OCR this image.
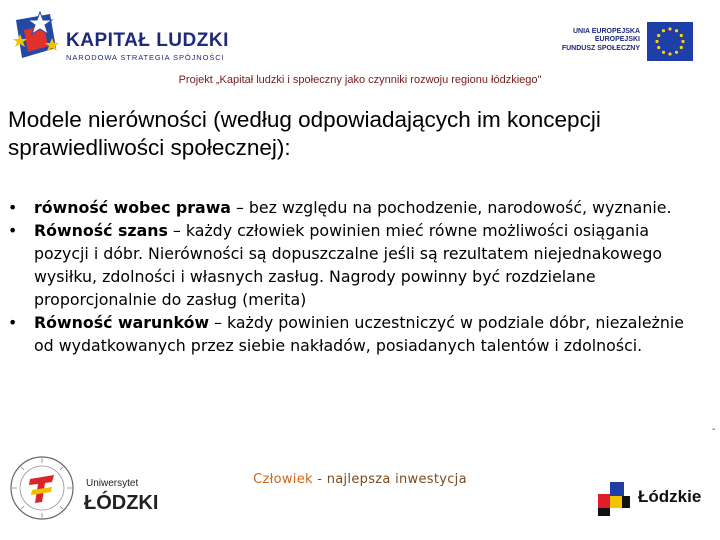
KAPITAŁ LUDZKI
NARODOWA STRATEGIA SPÓJNOŚCI
UNIA EUROPEJSKA
EUROPEJSKI
FUNDUSZ SPOŁECZNY
Projekt „Kapitał ludzki i społeczny jako czynniki rozwoju regionu łódzkiego"
Modele nierówności (według odpowiadających im koncepcji sprawiedliwości społecznej):
• równość wobec prawa – bez względu na pochodzenie, narodowość, wyznanie.
• Równość szans – każdy człowiek powinien mieć równe możliwości osiągania pozycji i dóbr. Nierówności są dopuszczalne jeśli są rezultatem niejednakowego wysiłku, zdolności i własnych zasług. Nagrody powinny być rozdzielane proporcjonalnie do zasług (merita)
• Równość warunków – każdy powinien uczestniczyć w podziale dóbr, niezależnie od wydatkowanych przez siebie nakładów, posiadanych talentów i zdolności.
Uniwersytet
ŁÓDZKI
Człowiek - najlepsza inwestycja
Łódzkie
-
